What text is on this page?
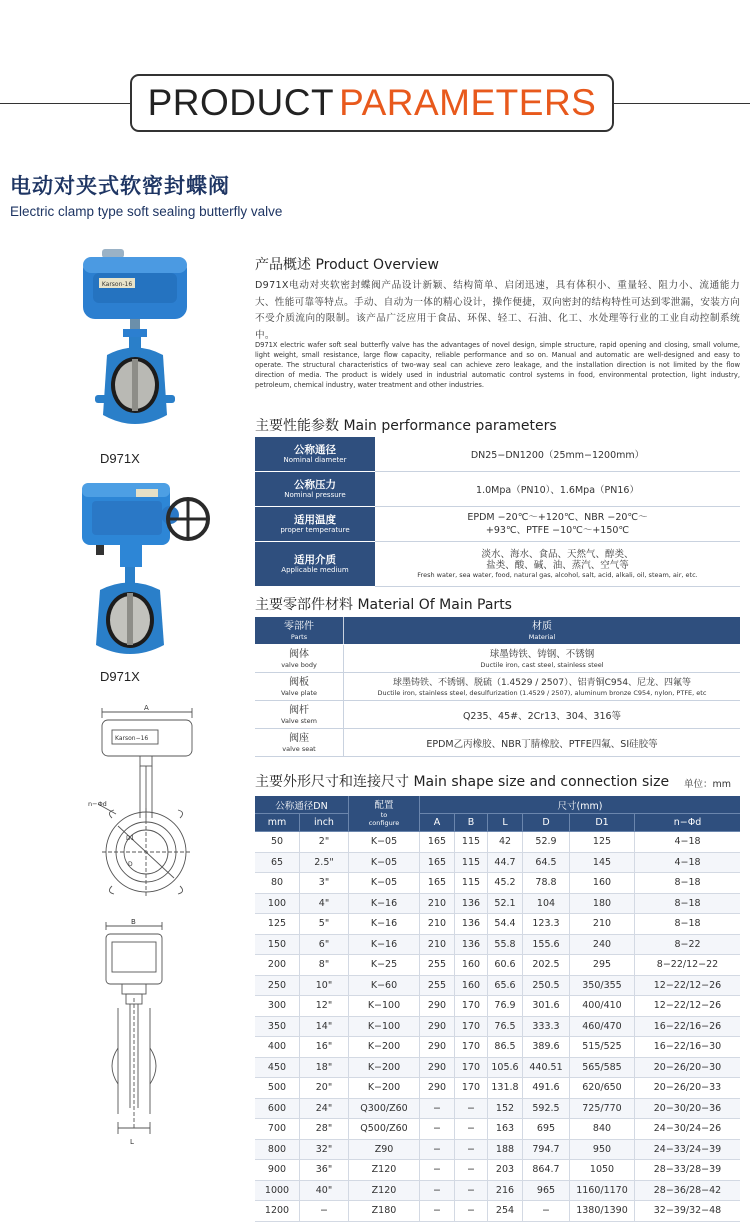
PRODUCT PARAMETERS
电动对夹式软密封蝶阀
Electric clamp type soft sealing butterfly valve
Karson-16
D971X
D971X
A
Karson−16
n−Φd
D1
D
B
L
产品概述 Product Overview
D971X电动对夹软密封蝶阀产品设计新颖、结构简单、启闭迅速，具有体积小、重量轻、阻力小、流通能力大、性能可靠等特点。手动、自动为一体的精心设计，操作便捷，双向密封的结构特性可达到零泄漏，安装方向不受介质流向的限制。该产品广泛应用于食品、环保、轻工、石油、化工、水处理等行业的工业自动控制系统中。
D971X electric wafer soft seal butterfly valve has the advantages of novel design, simple structure, rapid opening and closing, small volume, light weight, small resistance, large flow capacity, reliable performance and so on. Manual and automatic are well-designed and easy to operate. The structural characteristics of two-way seal can achieve zero leakage, and the installation direction is not limited by the flow direction of media. The product is widely used in industrial automatic control systems in food, environmental protection, light industry, petroleum, chemical industry, water treatment and other industries.
主要性能参数 Main performance parameters
公称通径
Nominal diameter	DN25−DN1200（25mm−1200mm）

公称压力
Nominal pressure	1.0Mpa（PN10）、1.6Mpa（PN16）

适用温度
proper temperature	EPDM −20℃～+120℃、NBR −20℃～
+93℃、PTFE −10℃～+150℃

适用介质
Applicable medium	淡水、海水、食品、天然气、醇类、
盐类、酸、碱、油、蒸汽、空气等
Fresh water, sea water, food, natural gas, alcohol, salt, acid, alkali, oil, steam, air, etc.
主要零部件材料 Material Of Main Parts
零部件
Parts	材质
Material

阀体
valve body	球墨铸铁、铸钢、不锈钢
Ductile iron, cast steel, stainless steel

阀板
Valve plate	球墨铸铁、不锈钢、脱硫（1.4529 / 2507）、铝青铜C954、尼龙、四氟等
Ductile iron, stainless steel, desulfurization (1.4529 / 2507), aluminum bronze C954, nylon, PTFE, etc

阀杆
Valve stem	Q235、45#、2Cr13、304、316等

阀座
valve seat	EPDM乙丙橡胶、NBR丁腈橡胶、PTFE四氟、SI硅胶等
主要外形尺寸和连接尺寸 Main shape size and connection size 单位：mm
公称通径DN		配置
to
configure	尺寸(mm)					
mm	inch		A	B	L	D	D1	n−Φd
50	2"	K−05	165	115	42	52.9	125	4−18
65	2.5"	K−05	165	115	44.7	64.5	145	4−18
80	3"	K−05	165	115	45.2	78.8	160	8−18
100	4"	K−16	210	136	52.1	104	180	8−18
125	5"	K−16	210	136	54.4	123.3	210	8−18
150	6"	K−16	210	136	55.8	155.6	240	8−22
200	8"	K−25	255	160	60.6	202.5	295	8−22/12−22
250	10"	K−60	255	160	65.6	250.5	350/355	12−22/12−26
300	12"	K−100	290	170	76.9	301.6	400/410	12−22/12−26
350	14"	K−100	290	170	76.5	333.3	460/470	16−22/16−26
400	16"	K−200	290	170	86.5	389.6	515/525	16−22/16−30
450	18"	K−200	290	170	105.6	440.51	565/585	20−26/20−30
500	20"	K−200	290	170	131.8	491.6	620/650	20−26/20−33
600	24"	Q300/Z60	−	−	152	592.5	725/770	20−30/20−36
700	28"	Q500/Z60	−	−	163	695	840	24−30/24−26
800	32"	Z90	−	−	188	794.7	950	24−33/24−39
900	36"	Z120	−	−	203	864.7	1050	28−33/28−39
1000	40"	Z120	−	−	216	965	1160/1170	28−36/28−42
1200	−	Z180	−	−	254	−	1380/1390	32−39/32−48
